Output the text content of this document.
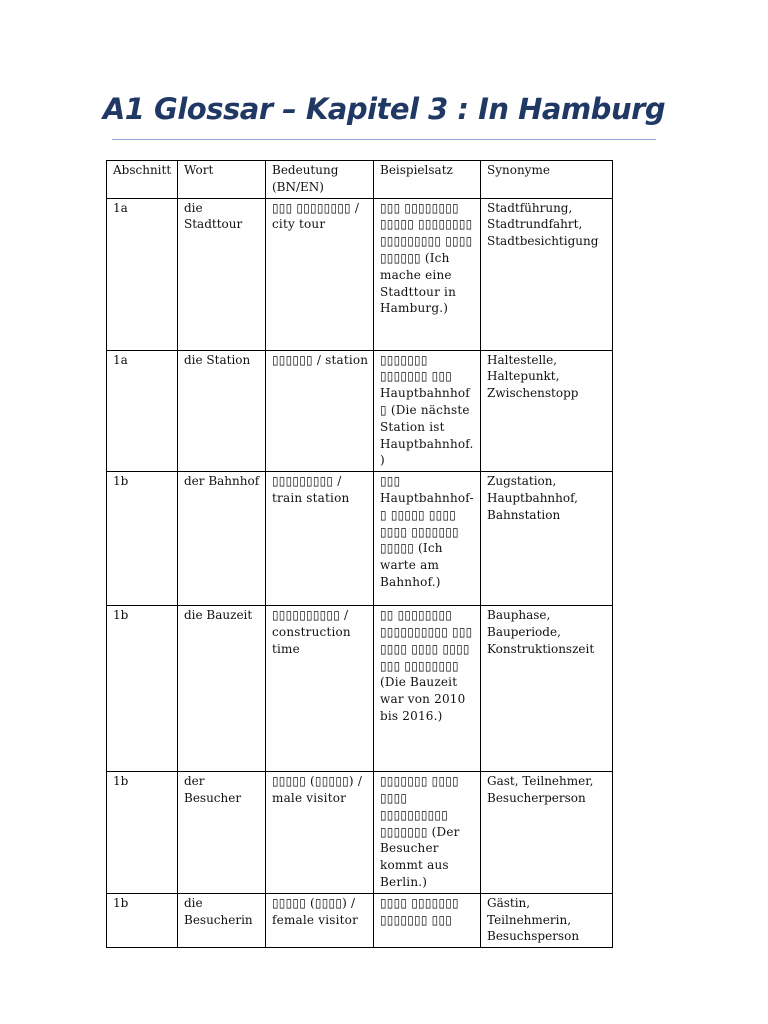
A1 Glossar – Kapitel 3 : In Hamburg
Abschnitt	Wort	Bedeutung (BN/EN)	Beispielsatz	Synonyme
1a	die Stadttour	▯▯▯ ▯▯▯▯▯▯▯▯ / city tour	▯▯▯ ▯▯▯▯▯▯▯▯ ▯▯▯▯▯ ▯▯▯▯▯▯▯▯ ▯▯▯▯▯▯▯▯▯ ▯▯▯▯ ▯▯▯▯▯▯ (Ich mache eine Stadttour in Hamburg.)	Stadtführung, Stadtrundfahrt, Stadtbesichtigung
1a	die Station	▯▯▯▯▯▯ / station	▯▯▯▯▯▯▯ ▯▯▯▯▯▯▯ ▯▯▯ Hauptbahnhof▯ (Die nächste Station ist Hauptbahnhof.)	Haltestelle, Haltepunkt, Zwischenstopp
1b	der Bahnhof	▯▯▯▯▯▯▯▯▯ / train station	▯▯▯ Hauptbahnhof-▯ ▯▯▯▯▯ ▯▯▯▯ ▯▯▯▯ ▯▯▯▯▯▯▯ ▯▯▯▯▯ (Ich warte am Bahnhof.)	Zugstation, Hauptbahnhof, Bahnstation
1b	die Bauzeit	▯▯▯▯▯▯▯▯▯▯ / construction time	▯▯ ▯▯▯▯▯▯▯▯ ▯▯▯▯▯▯▯▯▯▯ ▯▯▯ ▯▯▯▯ ▯▯▯▯ ▯▯▯▯ ▯▯▯ ▯▯▯▯▯▯▯▯ (Die Bauzeit war von 2010 bis 2016.)	Bauphase, Bauperiode, Konstruktionszeit
1b	der Besucher	▯▯▯▯▯ (▯▯▯▯▯) / male visitor	▯▯▯▯▯▯▯ ▯▯▯▯ ▯▯▯▯ ▯▯▯▯▯▯▯▯▯▯ ▯▯▯▯▯▯▯ (Der Besucher kommt aus Berlin.)	Gast, Teilnehmer, Besucherperson
1b	die Besucherin	▯▯▯▯▯ (▯▯▯▯) / female visitor	▯▯▯▯ ▯▯▯▯▯▯▯ ▯▯▯▯▯▯▯ ▯▯▯	Gästin, Teilnehmerin, Besuchsperson
